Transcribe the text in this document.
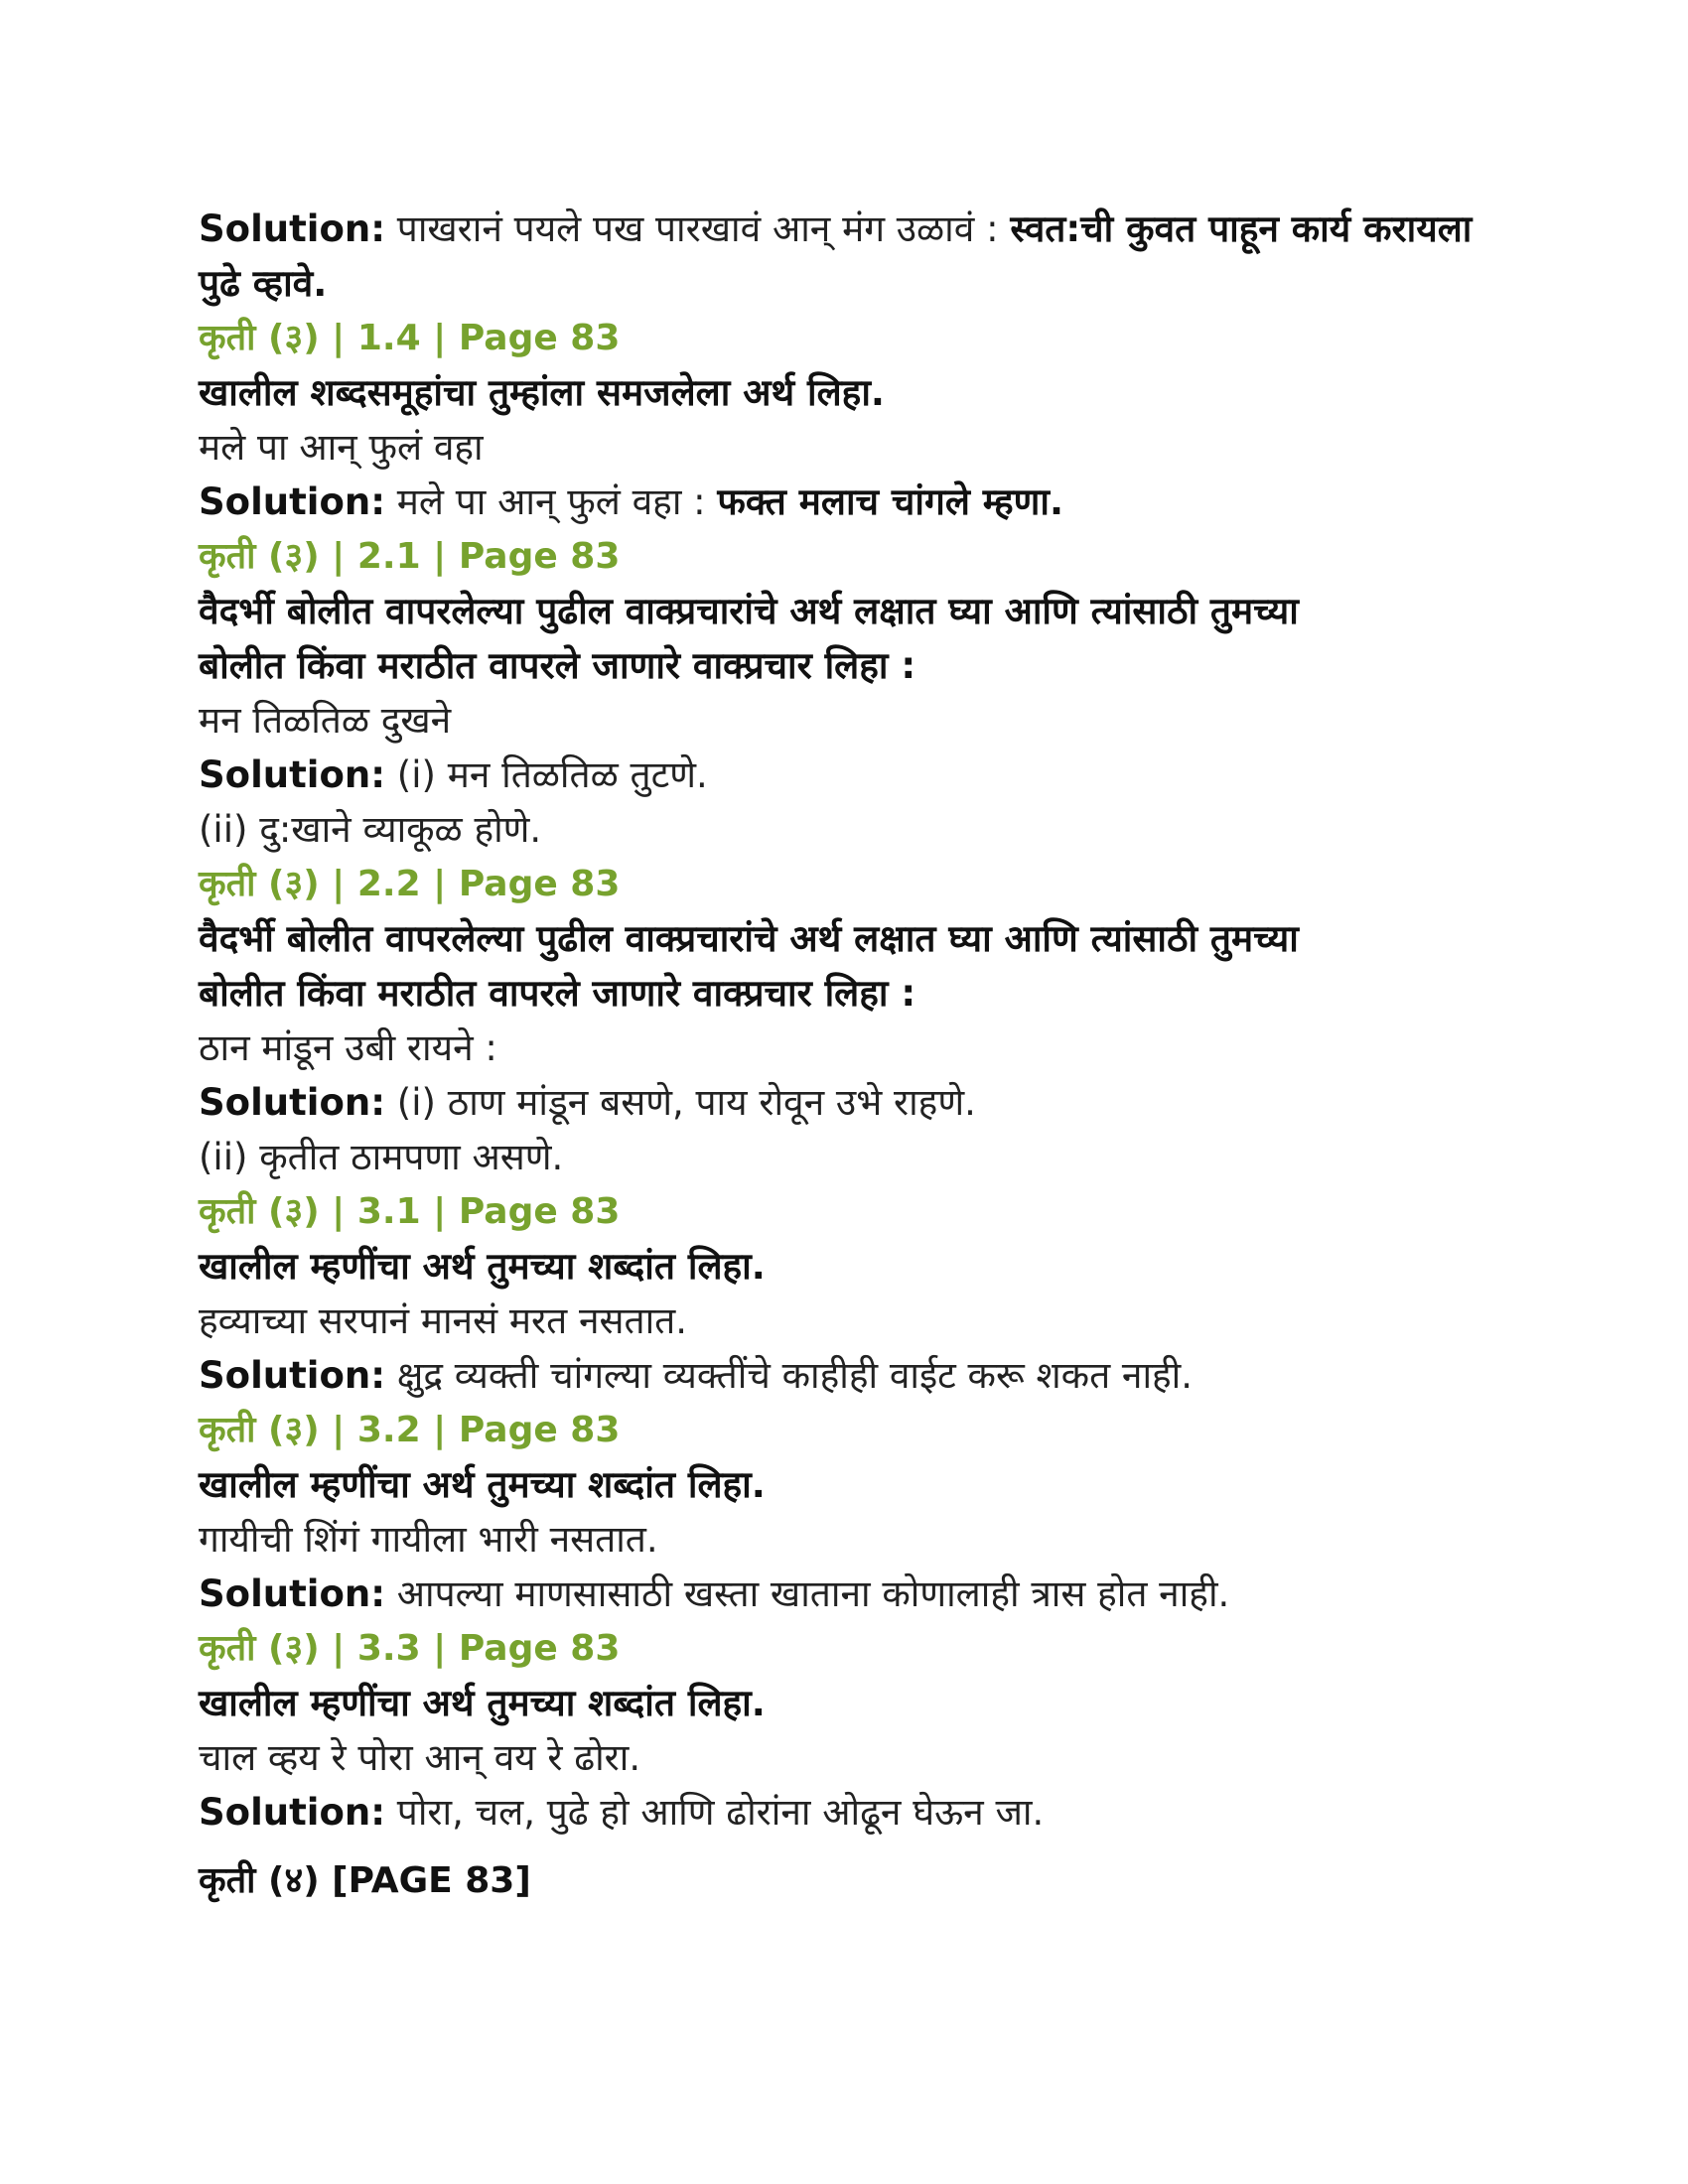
Solution: पाखरानं पयले पख पारखावं आन् मंग उळावं : स्वत:ची कुवत पाहून कार्य करायला पुढे व्हावे.
कृती (३) | 1.4 | Page 83
खालील शब्दसमूहांचा तुम्हांला समजलेला अर्थ लिहा.
मले पा आन् फुलं वहा
Solution: मले पा आन् फुलं वहा : फक्त मलाच चांगले म्हणा.
कृती (३) | 2.1 | Page 83
वैदर्भी बोलीत वापरलेल्या पुढील वाक्प्रचारांचे अर्थ लक्षात घ्या आणि त्यांसाठी तुमच्या
बोलीत किंवा मराठीत वापरले जाणारे वाक्प्रचार लिहा :
मन तिळतिळ दुखने
Solution: (i) मन तिळतिळ तुटणे.
(ii) दु:खाने व्याकूळ होणे.
कृती (३) | 2.2 | Page 83
वैदर्भी बोलीत वापरलेल्या पुढील वाक्प्रचारांचे अर्थ लक्षात घ्या आणि त्यांसाठी तुमच्या
बोलीत किंवा मराठीत वापरले जाणारे वाक्प्रचार लिहा :
ठान मांडून उबी रायने :
Solution: (i) ठाण मांडून बसणे, पाय रोवून उभे राहणे.
(ii) कृतीत ठामपणा असणे.
कृती (३) | 3.1 | Page 83
खालील म्हणींचा अर्थ तुमच्या शब्दांत लिहा.
हव्याच्या सरपानं मानसं मरत नसतात.
Solution: क्षुद्र व्यक्ती चांगल्या व्यक्तींचे काहीही वाईट करू शकत नाही.
कृती (३) | 3.2 | Page 83
खालील म्हणींचा अर्थ तुमच्या शब्दांत लिहा.
गायीची शिंगं गायीला भारी नसतात.
Solution: आपल्या माणसासाठी खस्ता खाताना कोणालाही त्रास होत नाही.
कृती (३) | 3.3 | Page 83
खालील म्हणींचा अर्थ तुमच्या शब्दांत लिहा.
चाल व्हय रे पोरा आन् वय रे ढोरा.
Solution: पोरा, चल, पुढे हो आणि ढोरांना ओढून घेऊन जा.
कृती (४) [PAGE 83]
